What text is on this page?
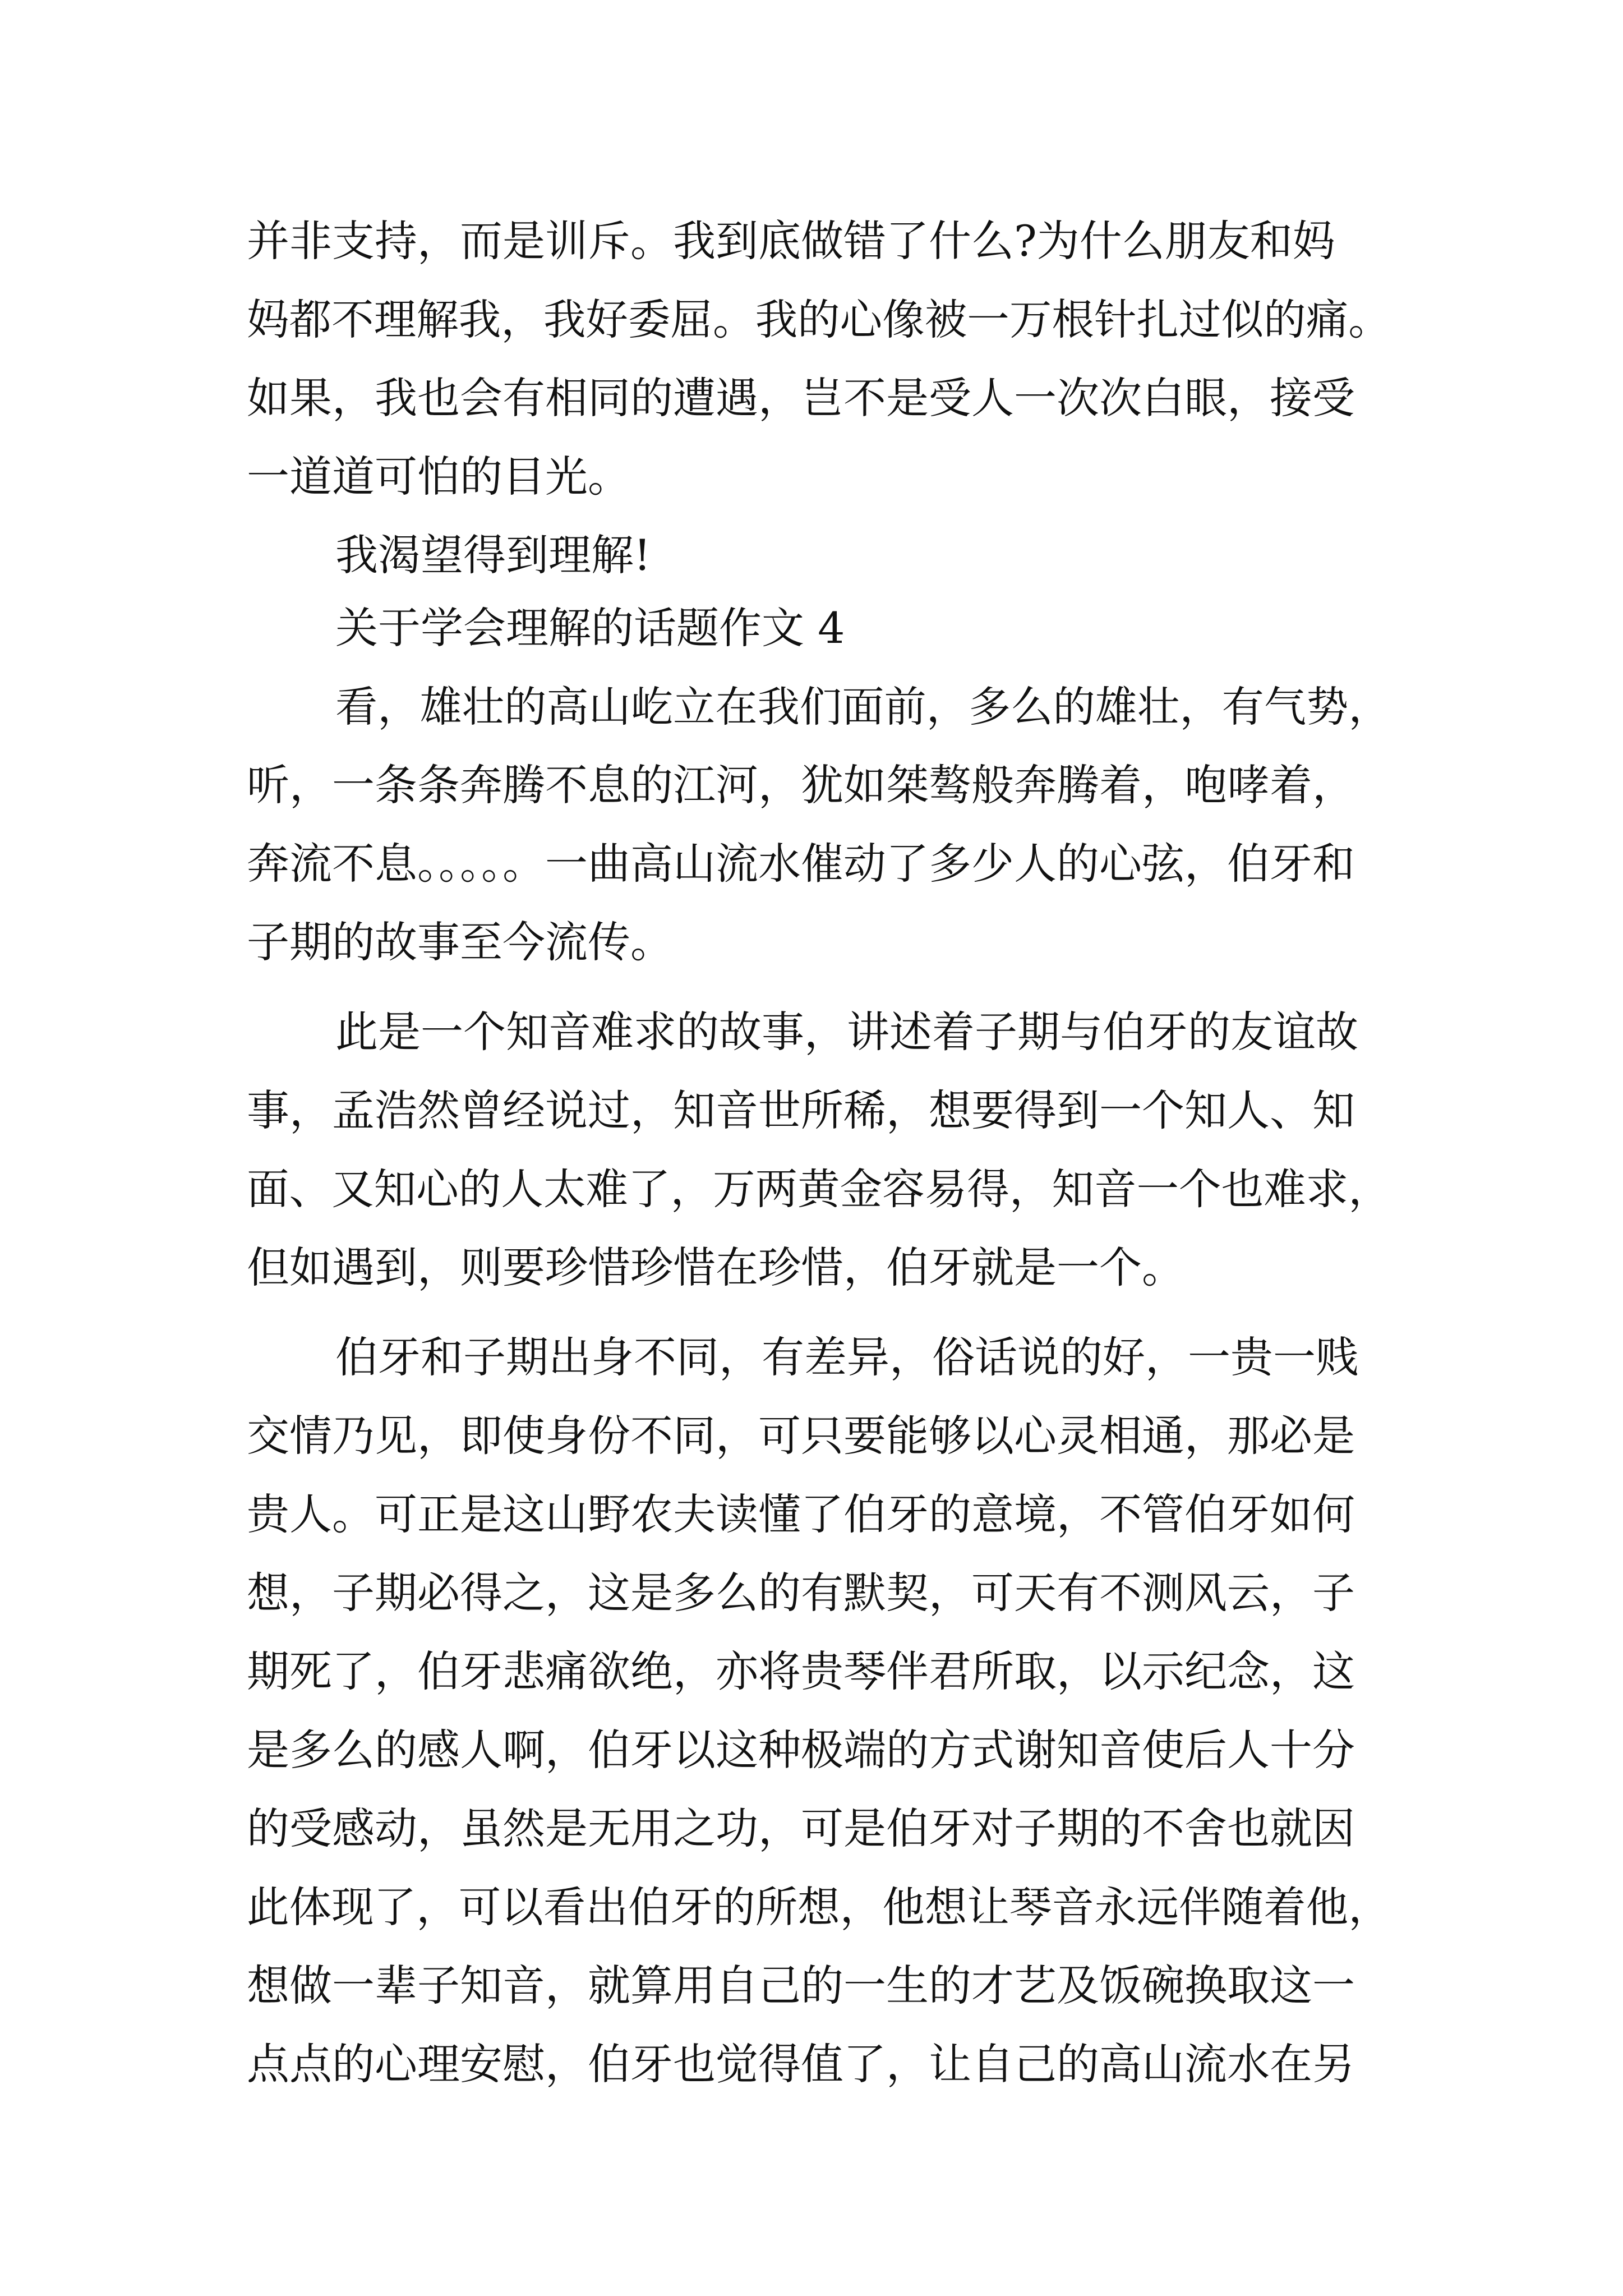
并非支持，而是训斥。我到底做错了什么?为什么朋友和妈
妈都不理解我，我好委屈。我的心像被一万根针扎过似的痛。
如果，我也会有相同的遭遇，岂不是受人一次次白眼，接受
一道道可怕的目光。
我渴望得到理解!
关于学会理解的话题作文 4
看，雄壮的高山屹立在我们面前，多么的雄壮，有气势，
听，一条条奔腾不息的江河，犹如桀骜般奔腾着，咆哮着，
奔流不息。。。。。一曲高山流水催动了多少人的心弦，伯牙和
子期的故事至今流传。
此是一个知音难求的故事，讲述着子期与伯牙的友谊故
事，孟浩然曾经说过，知音世所稀，想要得到一个知人、知
面、又知心的人太难了，万两黄金容易得，知音一个也难求，
但如遇到，则要珍惜珍惜在珍惜，伯牙就是一个。
伯牙和子期出身不同，有差异，俗话说的好，一贵一贱
交情乃见，即使身份不同，可只要能够以心灵相通，那必是
贵人。可正是这山野农夫读懂了伯牙的意境，不管伯牙如何
想，子期必得之，这是多么的有默契，可天有不测风云，子
期死了，伯牙悲痛欲绝，亦将贵琴伴君所取，以示纪念，这
是多么的感人啊，伯牙以这种极端的方式谢知音使后人十分
的受感动，虽然是无用之功，可是伯牙对子期的不舍也就因
此体现了，可以看出伯牙的所想，他想让琴音永远伴随着他，
想做一辈子知音，就算用自己的一生的才艺及饭碗换取这一
点点的心理安慰，伯牙也觉得值了，让自己的高山流水在另
